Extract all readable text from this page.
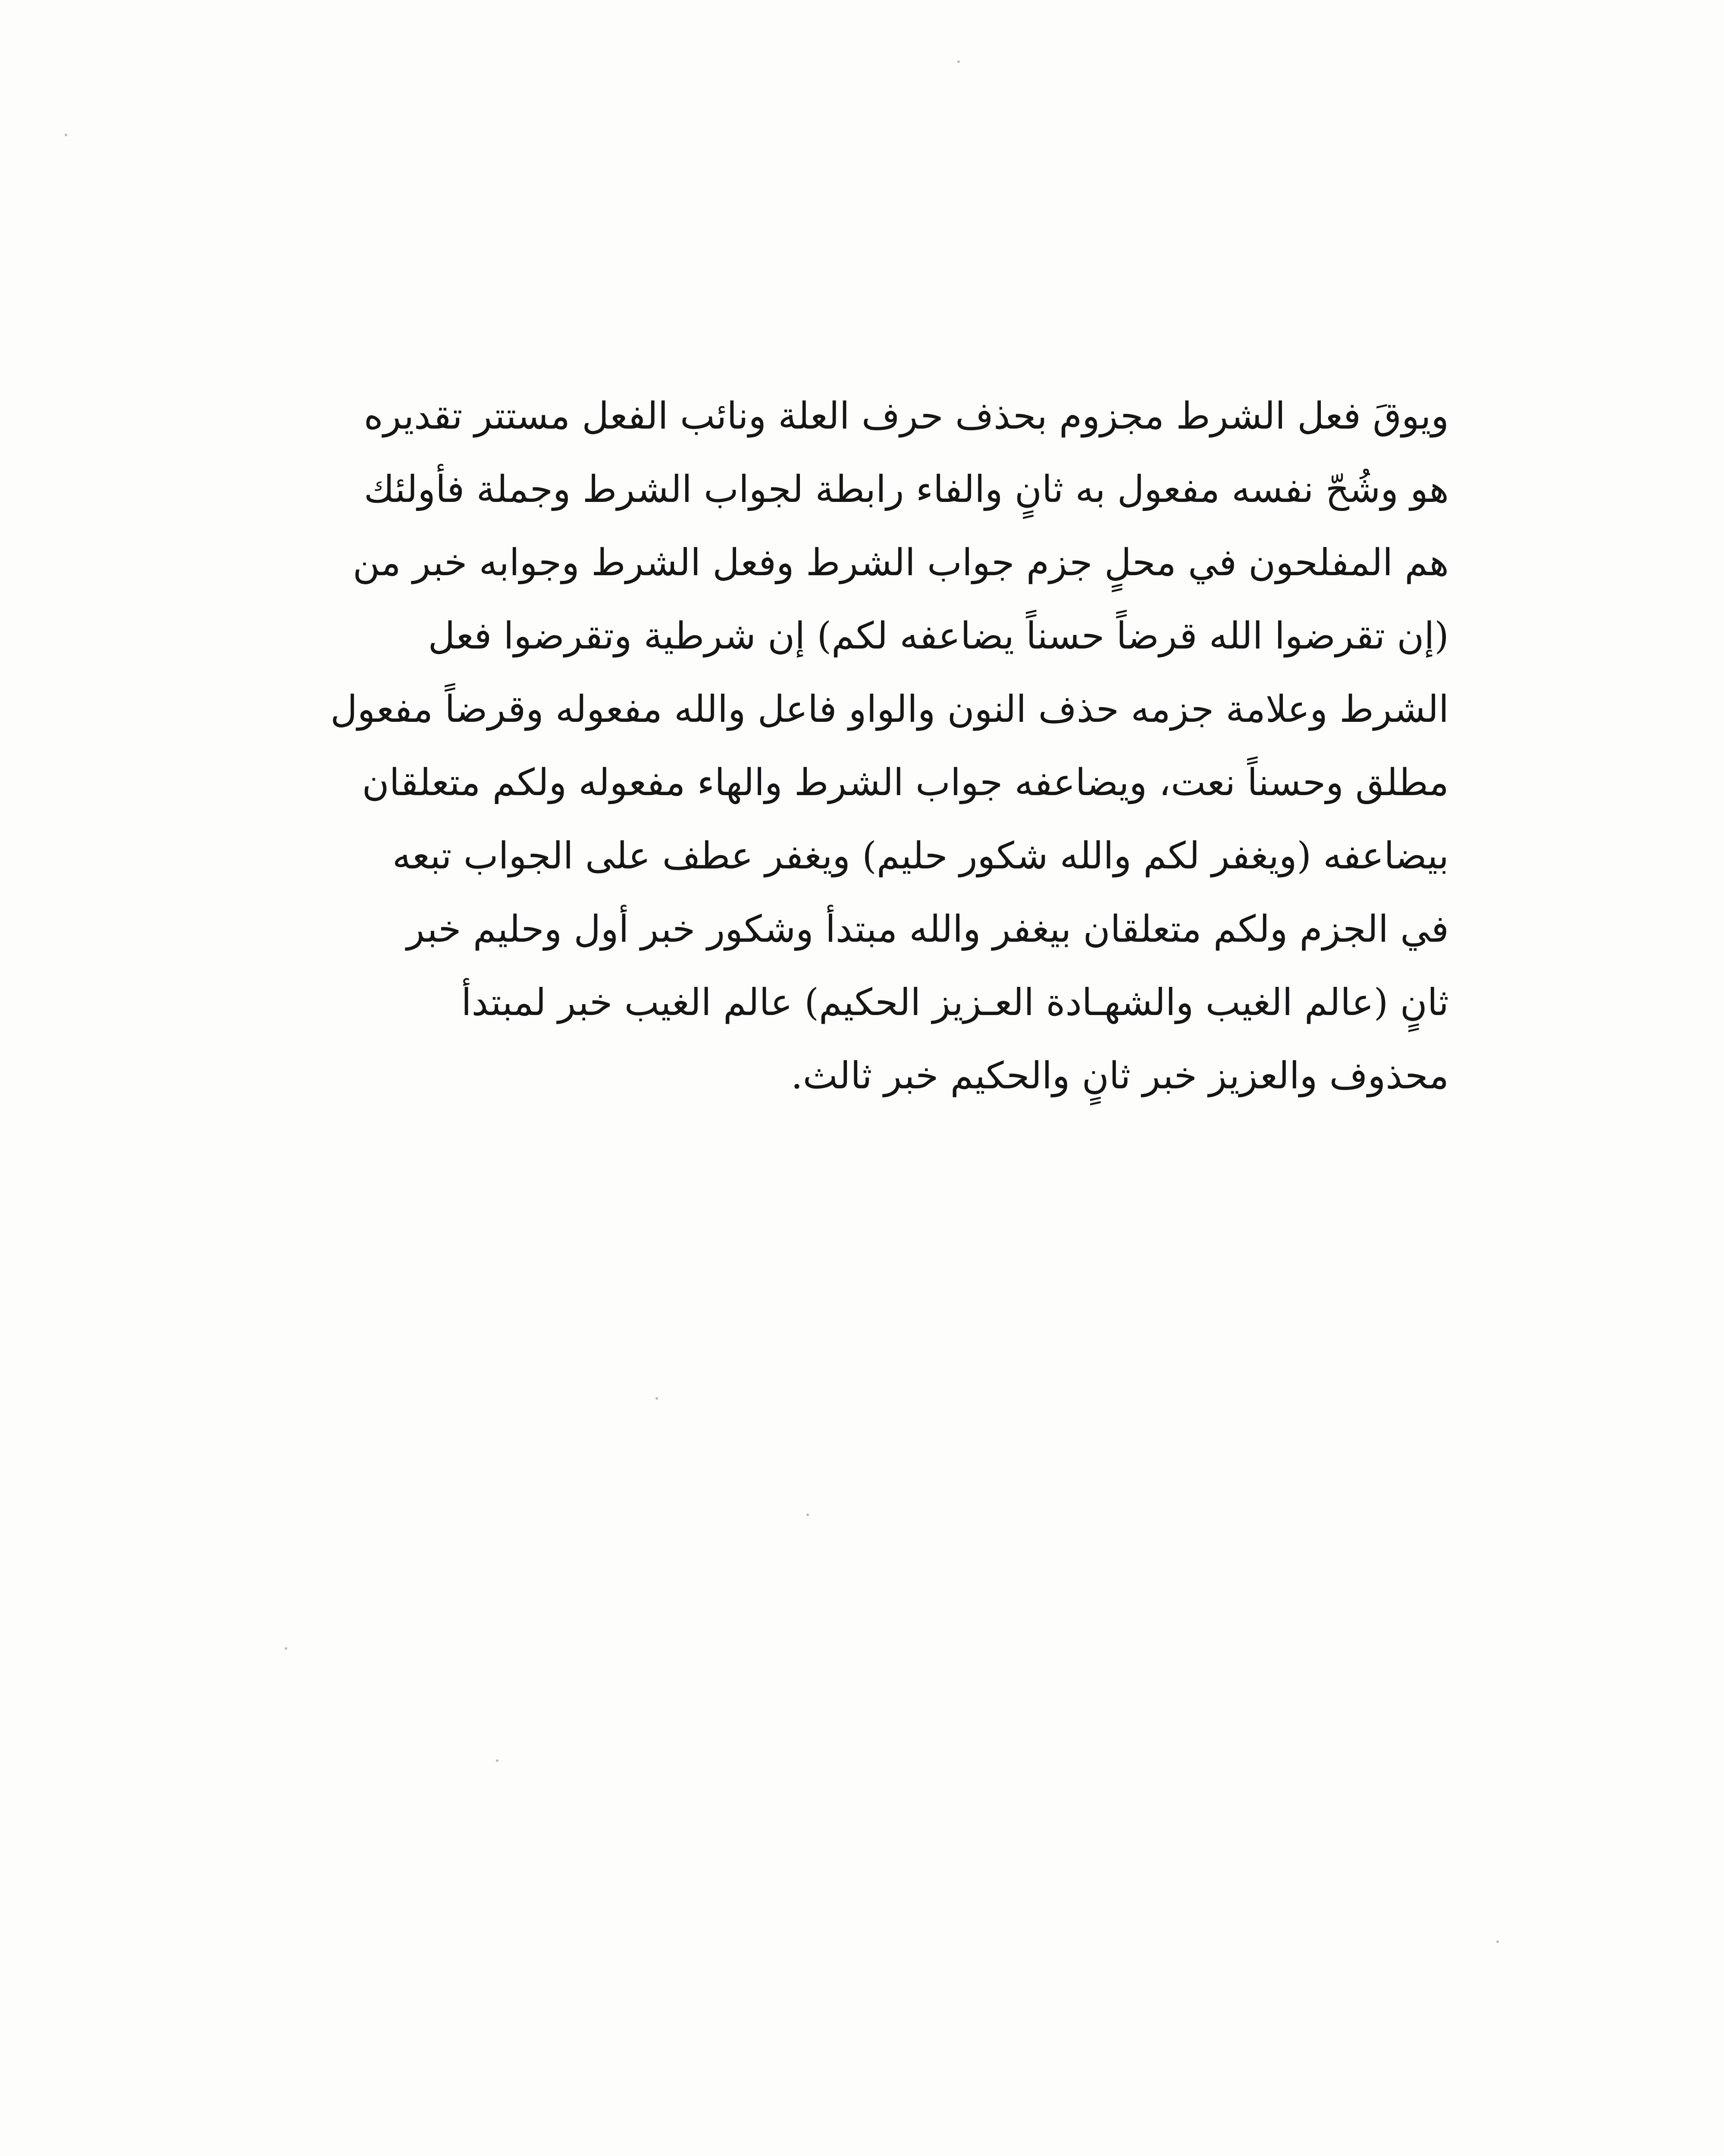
ويوقَ فعل الشرط مجزوم بحذف حرف العلة ونائب الفعل مستتر تقديره
هو وشُحّ نفسه مفعول به ثانٍ والفاء رابطة لجواب الشرط وجملة فأولئك
هم المفلحون في محلٍ جزم جواب الشرط وفعل الشرط وجوابه خبر من
(إن تقرضوا الله قرضاً حسناً يضاعفه لكم) إن شرطية وتقرضوا فعل
الشرط وعلامة جزمه حذف النون والواو فاعل والله مفعوله وقرضاً مفعول
مطلق وحسناً نعت، ويضاعفه جواب الشرط والهاء مفعوله ولكم متعلقان
بيضاعفه (ويغفر لكم والله شكور حليم) ويغفر عطف على الجواب تبعه
في الجزم ولكم متعلقان بيغفر والله مبتدأ وشكور خبر أول وحليم خبر
ثانٍ (عالم الغيب والشهـادة العـزيز الحكيم) عالم الغيب خبر لمبتدأ
محذوف والعزيز خبر ثانٍ والحكيم خبر ثالث.
